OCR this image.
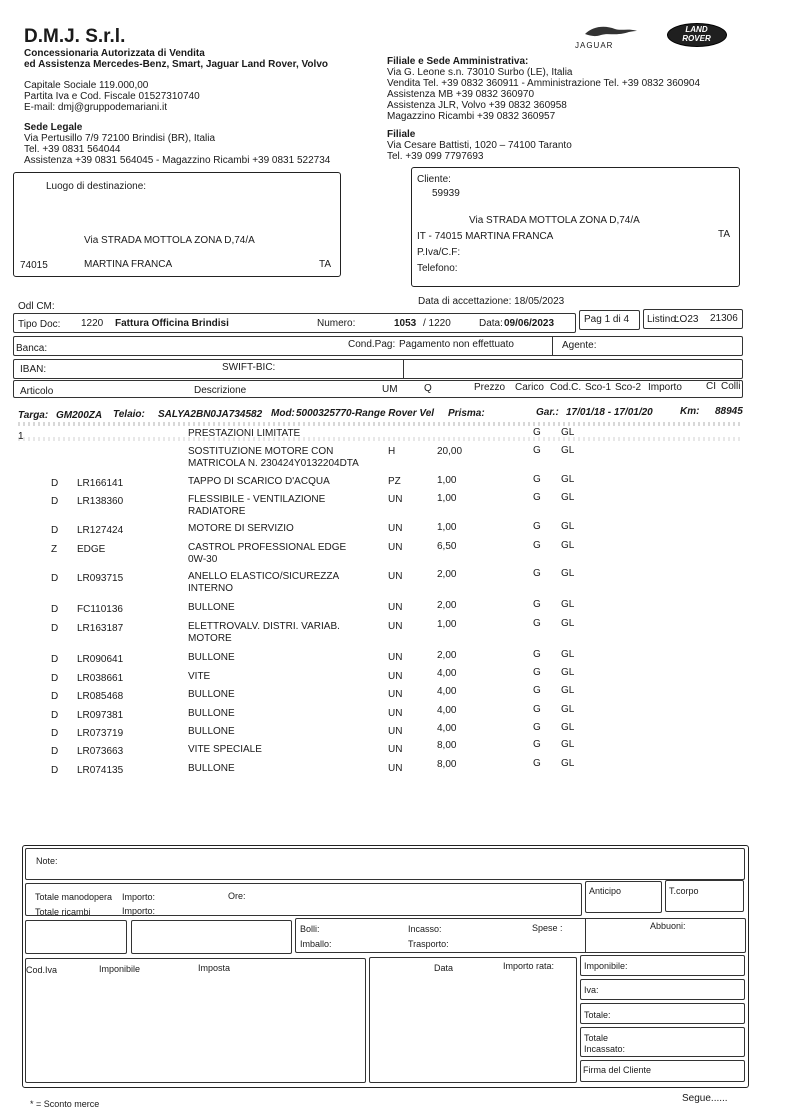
D.M.J. S.r.l.
Concessionaria Autorizzata di Vendita
ed Assistenza Mercedes-Benz, Smart, Jaguar Land Rover, Volvo
Capitale Sociale 119.000,00
Partita Iva e Cod. Fiscale 01527310740
E-mail: dmj@gruppodemariani.it
Sede Legale
Via Pertusillo 7/9 72100 Brindisi (BR), Italia
Tel. +39 0831 564044
Assistenza +39 0831 564045 - Magazzino Ricambi +39 0831 522734
JAGUAR
LAND
ROVER
Filiale e Sede Amministrativa:
Via G. Leone s.n. 73010 Surbo (LE), Italia
Vendita Tel. +39 0832 360911 - Amministrazione Tel. +39 0832 360904
Assistenza MB +39 0832 360970
Assistenza JLR, Volvo +39 0832 360958
Magazzino Ricambi +39 0832 360957
Filiale
Via Cesare Battisti, 1020 – 74100 Taranto
Tel. +39 099 7797693
Luogo di destinazione:
Via STRADA MOTTOLA ZONA D,74/A
74015	MARTINA FRANCA	TA
Cliente:
59939
Via STRADA MOTTOLA ZONA D,74/A
IT - 74015 MARTINA FRANCA	TA
P.Iva/C.F:
Telefono:
Odl CM:	Data di accettazione: 18/05/2023
Tipo Doc: 1220 Fattura Officina Brindisi	Numero:	1053 / 1220	Data: 09/06/2023	Pag 1 di 4 Listino:
LO23 21306
Banca:	Cond.Pag: Pagamento non effettuato	Agente:
IBAN:	SWIFT-BIC:
Articolo	Descrizione	UM	Q	Prezzo Carico Cod.C. Sco-1 Sco-2 Importo CI Colli
Targa: GM200ZA Telaio: SALYA2BN0JA734582 Mod: 5000325770-Range Rover Vel Prisma:	Gar.: 17/01/18 - 17/01/20	Km: 88945
1	PRESTAZIONI LIMITATE	G GL
SOSTITUZIONE MOTORE CON
MATRICOLA N. 230424Y0132204DTA
H	20,00	G GL
D LR166141	TAPPO DI SCARICO D'ACQUA	PZ	1,00	G GL
D LR138360	FLESSIBILE - VENTILAZIONE
RADIATORE
UN	1,00	G GL
D LR127424	MOTORE DI SERVIZIO	UN	1,00	G GL
Z EDGE	CASTROL PROFESSIONAL EDGE
0W-30
UN	6,50	G GL
D LR093715	ANELLO ELASTICO/SICUREZZA
INTERNO
UN	2,00	G GL
D FC110136	BULLONE	UN	2,00	G GL
D LR163187	ELETTROVALV. DISTRI. VARIAB.
MOTORE
UN	1,00	G GL
D LR090641	BULLONE	UN	2,00	G GL
D LR038661	VITE	UN	4,00	G GL
D LR085468	BULLONE	UN	4,00	G GL
D LR097381	BULLONE	UN	4,00	G GL
D LR073719	BULLONE	UN	4,00	G GL
D LR073663	VITE SPECIALE	UN	8,00	G GL
D LR074135	BULLONE	UN	8,00	G GL
Note:
Totale manodopera Importo:	Ore:
Totale ricambi	Importo:
Anticipo	T.corpo
Bolli:
Imballo:
Incasso:
Trasporto:
Spese :	Abbuoni:
Cod.Iva	Imponibile	Imposta	Data	Importo rata:	Imponibile:
Iva:
Totale:
Totale
Incassato:
Firma del Cliente
* = Sconto merce	Segue......
